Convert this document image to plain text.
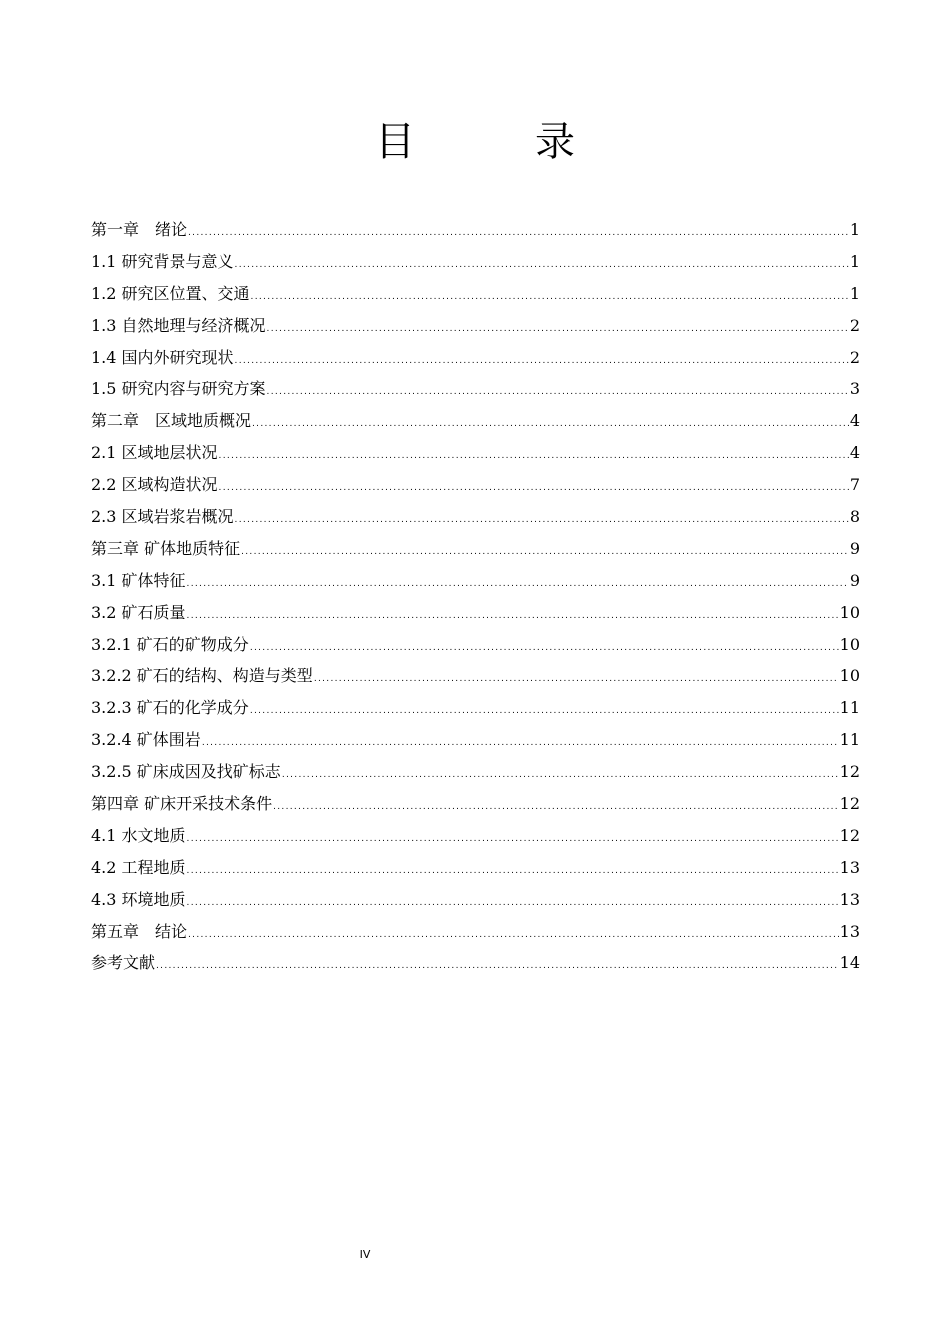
目	录
第一章　绪论 .....	1
1.1 研究背景与意义 .....	1
1.2 研究区位置、交通 .....	1
1.3 自然地理与经济概况 .....	2
1.4 国内外研究现状 .....	2
1.5 研究内容与研究方案 .....	3
第二章　区域地质概况 .....	4
2.1 区域地层状况 .....	4
2.2 区域构造状况 .....	7
2.3 区域岩浆岩概况 .....	8
第三章 矿体地质特征 .....	9
3.1 矿体特征 .....	9
3.2 矿石质量 .....	10
3.2.1 矿石的矿物成分 .....	10
3.2.2 矿石的结构、构造与类型 .....	10
3.2.3 矿石的化学成分 .....	11
3.2.4 矿体围岩 .....	11
3.2.5 矿床成因及找矿标志 .....	12
第四章 矿床开采技术条件 .....	12
4.1 水文地质 .....	12
4.2 工程地质 .....	13
4.3 环境地质 .....	13
第五章　结论 .....	13
参考文献 .....	14
IV
